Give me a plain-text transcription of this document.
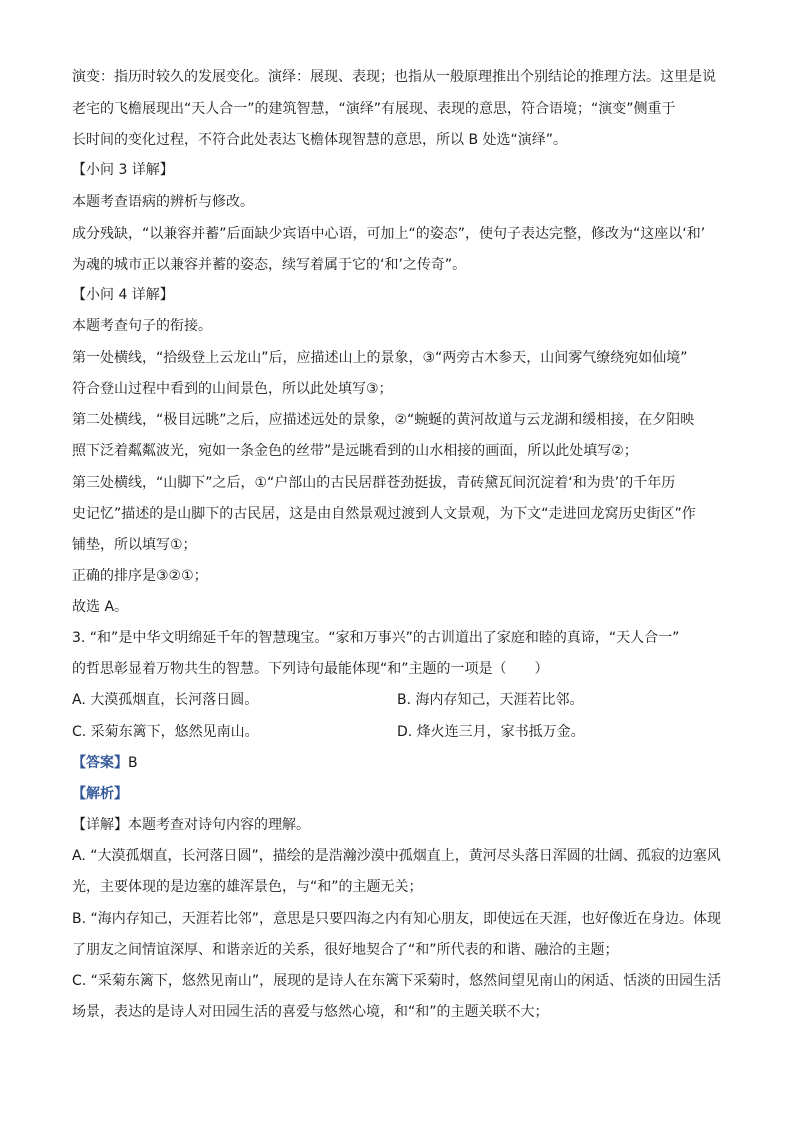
演变：指历时较久的发展变化。演绎：展现、表现；也指从一般原理推出个别结论的推理方法。这里是说
老宅的飞檐展现出“天人合一”的建筑智慧，“演绎”有展现、表现的意思，符合语境；“演变”侧重于
长时间的变化过程，不符合此处表达飞檐体现智慧的意思，所以 B 处选“演绎”。
【小问 3 详解】
本题考查语病的辨析与修改。
成分残缺，“以兼容并蓄”后面缺少宾语中心语，可加上“的姿态”，使句子表达完整，修改为“这座以‘和’
为魂的城市正以兼容并蓄的姿态，续写着属于它的‘和’之传奇”。
【小问 4 详解】
本题考查句子的衔接。
第一处横线，“拾级登上云龙山”后，应描述山上的景象，③“两旁古木参天，山间雾气缭绕宛如仙境”
符合登山过程中看到的山间景色，所以此处填写③；
第二处横线，“极目远眺”之后，应描述远处的景象，②“蜿蜒的黄河故道与云龙湖和缓相接，在夕阳映
照下泛着粼粼波光，宛如一条金色的丝带”是远眺看到的山水相接的画面，所以此处填写②；
第三处横线，“山脚下”之后，①“户部山的古民居群苍劲挺拔，青砖黛瓦间沉淀着‘和为贵’的千年历
史记忆”描述的是山脚下的古民居，这是由自然景观过渡到人文景观，为下文“走进回龙窝历史街区”作
铺垫，所以填写①；
正确的排序是③②①；
故选 A。
3. “和”是中华文明绵延千年的智慧瑰宝。“家和万事兴”的古训道出了家庭和睦的真谛，“天人合一”
的哲思彰显着万物共生的智慧。下列诗句最能体现“和”主题的一项是（　　）
A. 大漠孤烟直，长河落日圆。	B. 海内存知己，天涯若比邻。
C. 采菊东篱下，悠然见南山。	D. 烽火连三月，家书抵万金。
【答案】B
【解析】
【详解】本题考查对诗句内容的理解。
A. “大漠孤烟直，长河落日圆”，描绘的是浩瀚沙漠中孤烟直上，黄河尽头落日浑圆的壮阔、孤寂的边塞风
光，主要体现的是边塞的雄浑景色，与“和”的主题无关；
B. “海内存知己，天涯若比邻”，意思是只要四海之内有知心朋友，即使远在天涯，也好像近在身边。体现
了朋友之间情谊深厚、和谐亲近的关系，很好地契合了“和”所代表的和谐、融洽的主题；
C. “采菊东篱下，悠然见南山”，展现的是诗人在东篱下采菊时，悠然间望见南山的闲适、恬淡的田园生活
场景，表达的是诗人对田园生活的喜爱与悠然心境，和“和”的主题关联不大；
